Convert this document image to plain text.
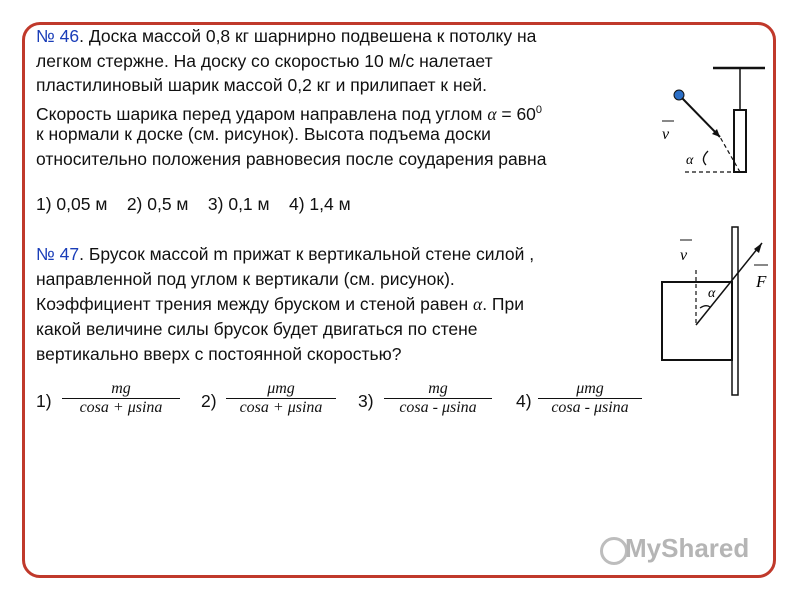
№ 46. Доска массой 0,8 кг шарнирно подвешена к потолку на
легком стержне. На доску со скоростью 10 м/с налетает
пластилиновый шарик массой 0,2 кг и прилипает к ней.
Скорость шарика перед ударом направлена под углом $\alpha = 60^0$
к нормали к доске (см. рисунок). Высота подъема доски
относительно положения равновесия после соударения равна
1) 0,05 м    2) 0,5 м    3) 0,1 м    4) 1,4 м
№ 47. Брусок массой m прижат к вертикальной стене силой ,
направленной под углом к вертикали (см. рисунок).
Коэффициент трения между бруском и стеной равен α. При
какой величине силы брусок будет двигаться по стене
вертикально вверх с постоянной скоростью?
1)
mg
cosa + μsina	2)
μmg
cosa + μsina	3)
mg
cosa - μsina	4)
μmg
cosa - μsina
v
α
v
α
F
MyShared
